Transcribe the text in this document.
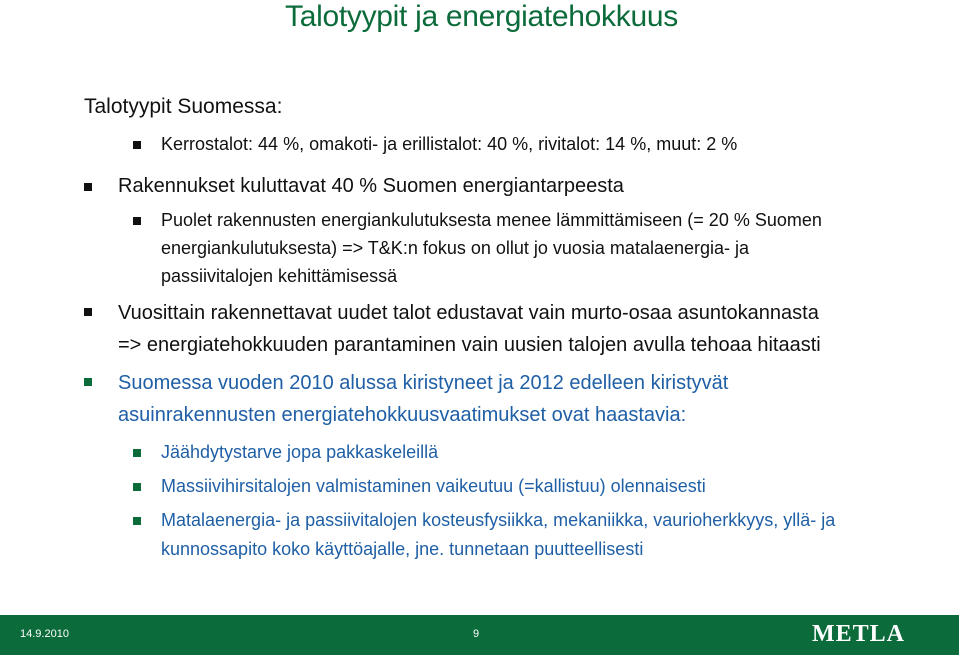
Talotyypit ja energiatehokkuus
Talotyypit Suomessa:
Kerrostalot: 44 %, omakoti- ja erillistalot: 40 %, rivitalot: 14 %, muut: 2 %
Rakennukset kuluttavat 40 % Suomen energiantarpeesta
Puolet rakennusten energiankulutuksesta menee lämmittämiseen (= 20 % Suomen
energiankulutuksesta) => T&K:n fokus on ollut jo vuosia matalaenergia- ja
passiivitalojen kehittämisessä
Vuosittain rakennettavat uudet talot edustavat vain murto-osaa asuntokannasta
=> energiatehokkuuden parantaminen vain uusien talojen avulla tehoaa hitaasti
Suomessa vuoden 2010 alussa kiristyneet ja 2012 edelleen kiristyvät
asuinrakennusten energiatehokkuusvaatimukset ovat haastavia:
Jäähdytystarve jopa pakkaskeleillä
Massiivihirsitalojen valmistaminen vaikeutuu (=kallistuu) olennaisesti
Matalaenergia- ja passiivitalojen kosteusfysiikka, mekaniikka, vaurioherkkyys, yllä- ja
kunnossapito koko käyttöajalle, jne. tunnetaan puutteellisesti
14.9.2010	9	METLA
